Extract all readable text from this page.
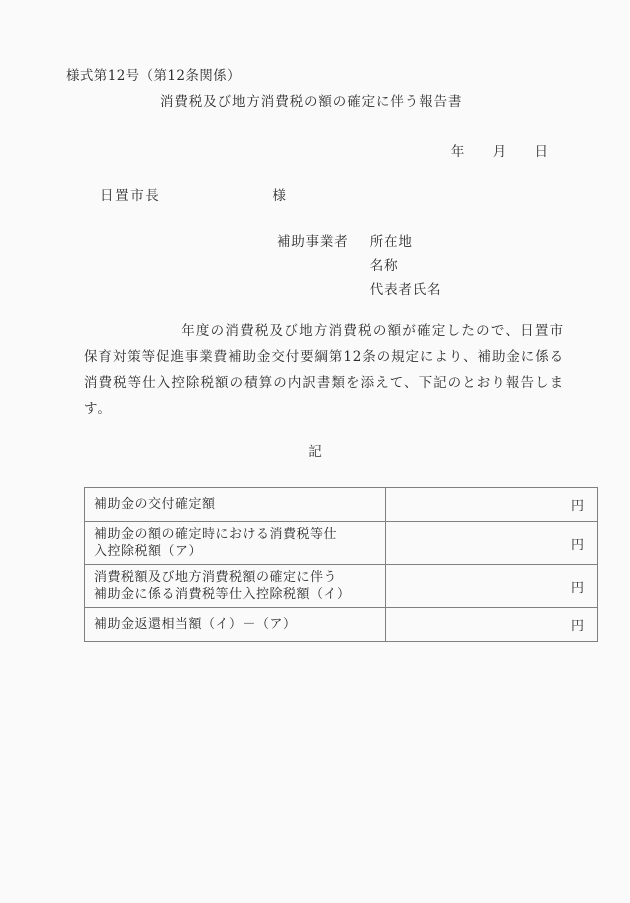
様式第12号（第12条関係）
消費税及び地方消費税の額の確定に伴う報告書
年 月 日
日置市長	様
補助事業者 所在地
名称
代表者氏名
年度の消費税及び地方消費税の額が確定したので、日置市保育対策等促進事業費補助金交付要綱第12条の規定により、補助金に係る消費税等仕入控除税額の積算の内訳書類を添えて、下記のとおり報告します。
記
補助金の交付確定額	円
補助金の額の確定時における消費税等仕
入控除税額（ア）	円
消費税額及び地方消費税額の確定に伴う
補助金に係る消費税等仕入控除税額（イ）	円
補助金返還相当額（イ）－（ア）	円
